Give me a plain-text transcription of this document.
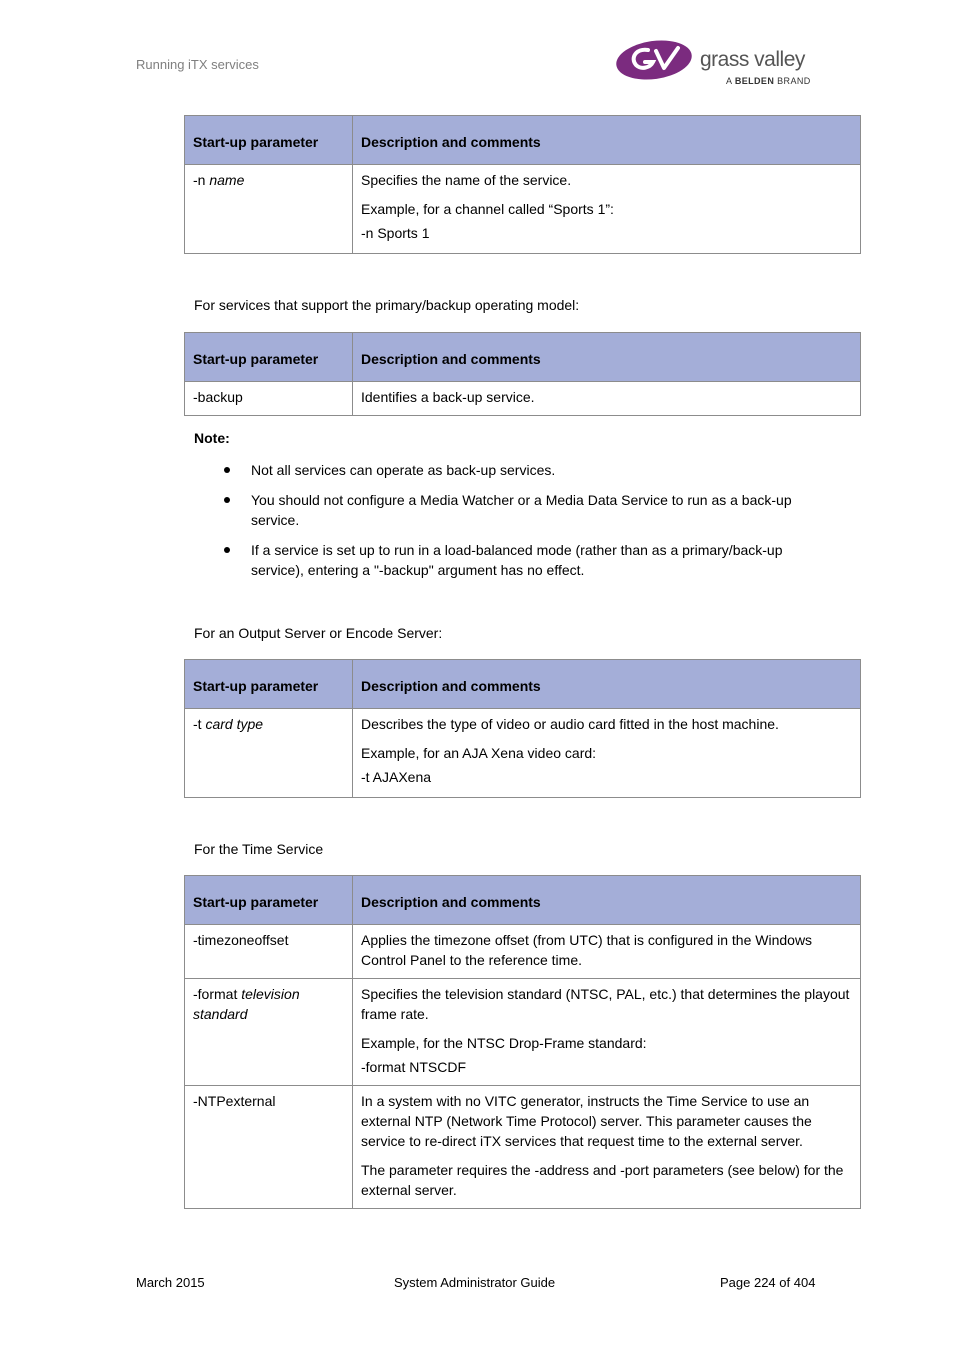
Running iTX services	grass valley
A BELDEN BRAND
Start-up parameter	Description and comments

-n name	Specifies the name of the service.

Example, for a channel called “Sports 1”:

-n Sports 1

For services that support the primary/backup operating model:
Start-up parameter	Description and comments

-backup	Identifies a back-up service.

Note:
Not all services can operate as back-up services.
You should not configure a Media Watcher or a Media Data Service to run as a back-up service.
If a service is set up to run in a load-balanced mode (rather than as a primary/back-up service), entering a "-backup" argument has no effect.
For an Output Server or Encode Server:
Start-up parameter	Description and comments

-t card type	Describes the type of video or audio card fitted in the host machine.

Example, for an AJA Xena video card:

-t AJAXena

For the Time Service
Start-up parameter	Description and comments

-timezoneoffset	Applies the timezone offset (from UTC) that is configured in the Windows Control Panel to the reference time.

-format television standard	Specifies the television standard (NTSC, PAL, etc.) that determines the playout frame rate.

Example, for the NTSC Drop-Frame standard:

-format NTSCDF

-NTPexternal	In a system with no VITC generator, instructs the Time Service to use an external NTP (Network Time Protocol) server. This parameter causes the service to re-direct iTX services that request time to the external server.

The parameter requires the -address and -port parameters (see below) for the external server.

March 2015	System Administrator Guide	Page 224 of 404
